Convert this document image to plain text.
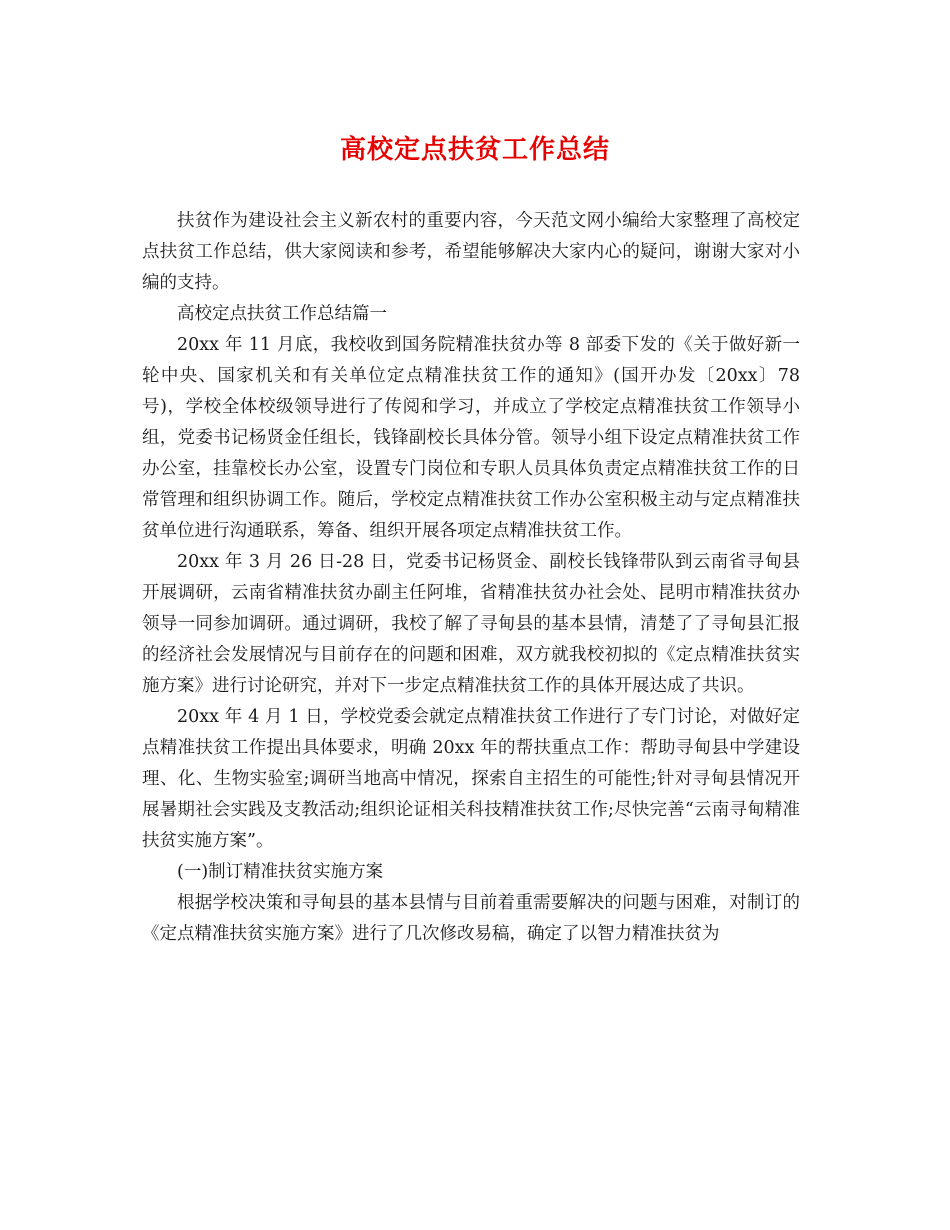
高校定点扶贫工作总结

扶贫作为建设社会主义新农村的重要内容，今天范文网小编给大家整理了高校定点扶贫工作总结，供大家阅读和参考，希望能够解决大家内心的疑问，谢谢大家对小编的支持。

高校定点扶贫工作总结篇一

20xx 年 11 月底，我校收到国务院精准扶贫办等 8 部委下发的《关于做好新一轮中央、国家机关和有关单位定点精准扶贫工作的通知》(国开办发〔20xx〕78 号)，学校全体校级领导进行了传阅和学习，并成立了学校定点精准扶贫工作领导小组，党委书记杨贤金任组长，钱锋副校长具体分管。领导小组下设定点精准扶贫工作办公室，挂靠校长办公室，设置专门岗位和专职人员具体负责定点精准扶贫工作的日常管理和组织协调工作。随后，学校定点精准扶贫工作办公室积极主动与定点精准扶贫单位进行沟通联系，筹备、组织开展各项定点精准扶贫工作。

20xx 年 3 月 26 日-28 日，党委书记杨贤金、副校长钱锋带队到云南省寻甸县开展调研，云南省精准扶贫办副主任阿堆，省精准扶贫办社会处、昆明市精准扶贫办领导一同参加调研。通过调研，我校了解了寻甸县的基本县情，清楚了了寻甸县汇报的经济社会发展情况与目前存在的问题和困难，双方就我校初拟的《定点精准扶贫实施方案》进行讨论研究，并对下一步定点精准扶贫工作的具体开展达成了共识。

20xx 年 4 月 1 日，学校党委会就定点精准扶贫工作进行了专门讨论，对做好定点精准扶贫工作提出具体要求，明确 20xx 年的帮扶重点工作：帮助寻甸县中学建设理、化、生物实验室;调研当地高中情况，探索自主招生的可能性;针对寻甸县情况开展暑期社会实践及支教活动;组织论证相关科技精准扶贫工作;尽快完善“云南寻甸精准扶贫实施方案”。

(一)制订精准扶贫实施方案

根据学校决策和寻甸县的基本县情与目前着重需要解决的问题与困难，对制订的《定点精准扶贫实施方案》进行了几次修改易稿，确定了以智力精准扶贫为
